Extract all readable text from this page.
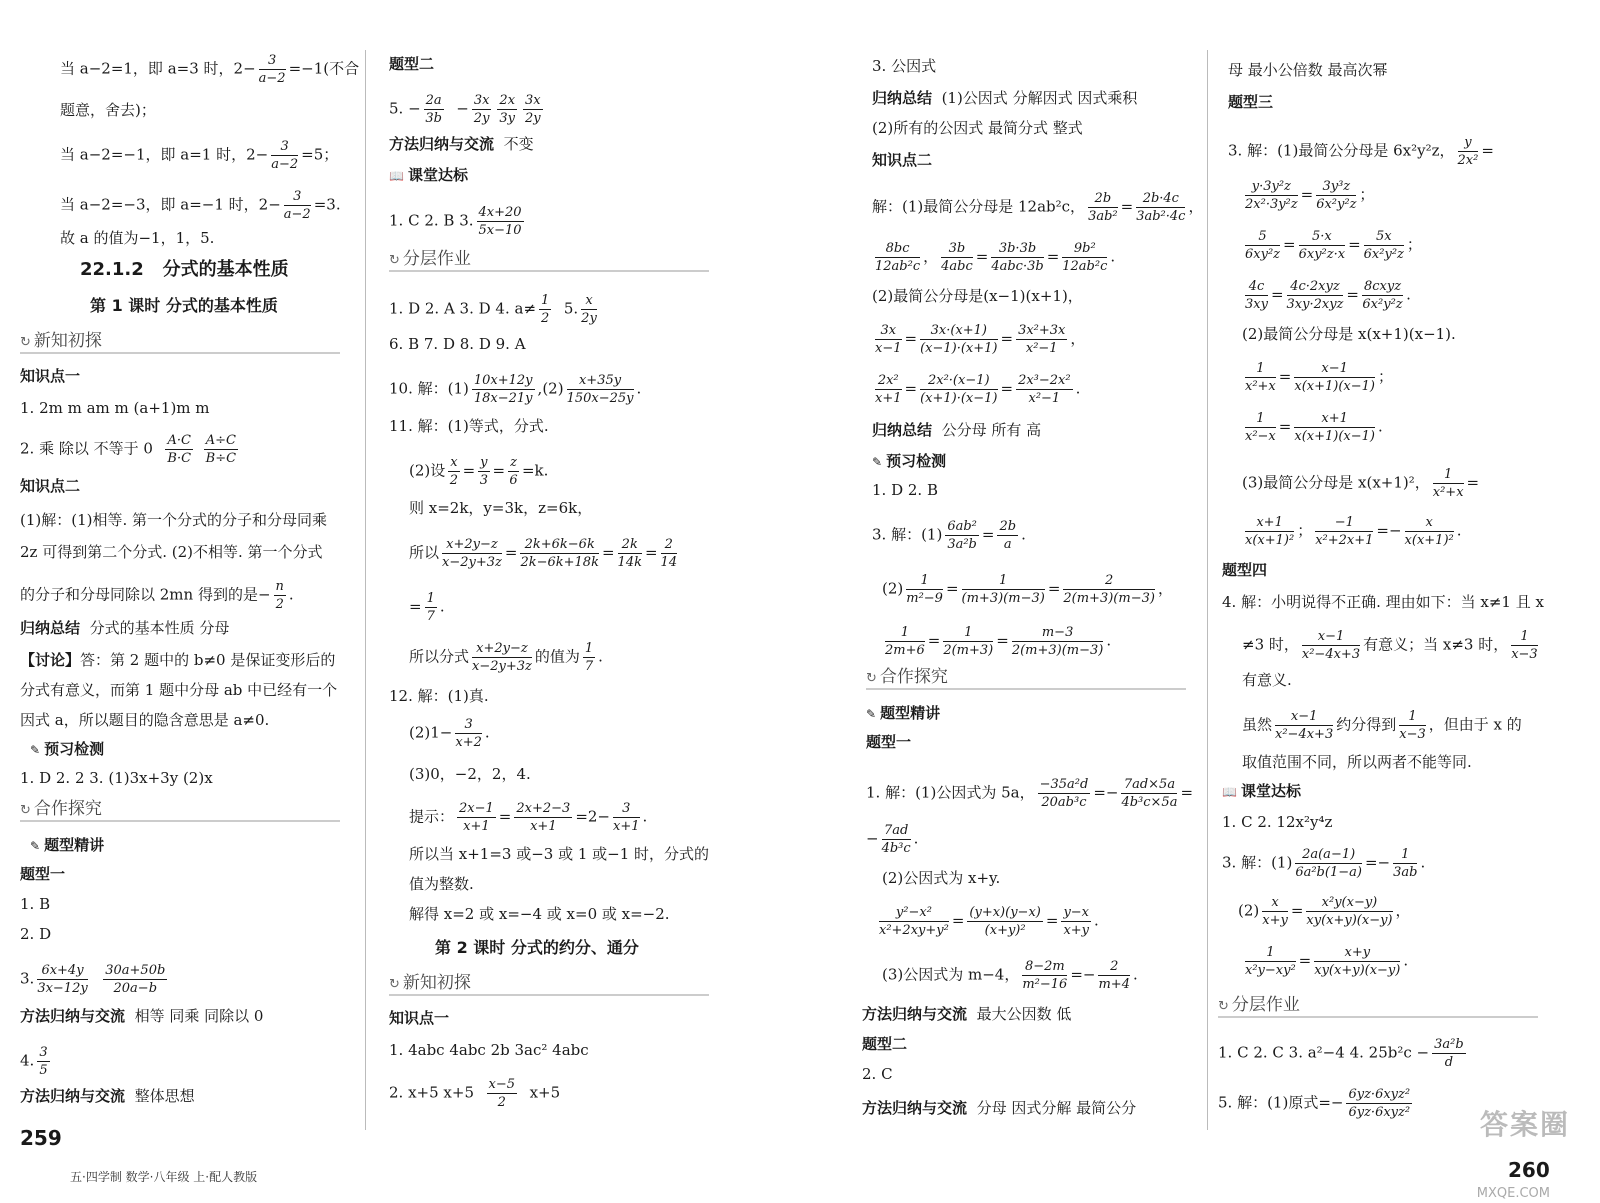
当 a−2=1，即 a=3 时，$2- \frac{3}{a-2} =-1$(不合
题意，舍去)；
当 a−2=−1，即 a=1 时，$2- \frac{3}{a-2} =5$；
当 a−2=−3，即 a=−1 时，$2- \frac{3}{a-2} =3$.
故 a 的值为−1，1，5.
22.1.2 分式的基本性质
第 1 课时 分式的基本性质
↻ 新知初探
知识点一
1. 2m m am m (a+1)m m
2. 乘 除以 不等于 $0 \frac{A\cdot C}{B\cdot C}$
$\frac{A\div C}{B\div C}$
知识点二
(1)解：(1)相等. 第一个分式的分子和分母同乘
2z 可得到第二个分式. (2)不相等. 第一个分式
的分子和分母同除以 2mn 得到的是− $\frac{n}{2}$ .
归纳总结 分式的基本性质 分母
【讨论】答：第 2 题中的 b≠0 是保证变形后的
分式有意义，而第 1 题中分母 ab 中已经有一个
因式 a，所以题目的隐含意思是 a≠0.
✎ 预习检测
1. D 2. 2 3. (1)3x+3y (2)x
↻ 合作探究
✎ 题型精讲
题型一
1. B
2. D
3. $\frac{6x+4y}{3x-12y}$
$\frac{30a+50b}{20a-b}$
方法归纳与交流 相等 同乘 同除以 0
4. $\frac{3}{5}$
方法归纳与交流 整体思想
题型二
5. − $\frac{2a}{3b} - \frac{3x}{2y} \frac{2x}{3y} \frac{3x}{2y}$
方法归纳与交流 不变
📖 课堂达标
1. C 2. B 3. $\frac{4x+20}{5x-10}$
↻ 分层作业
1. D 2. A 3. D 4. $a\ne \frac{1}{2} 5$. $\frac{x}{2y}$
6. B 7. D 8. D 9. A
10. 解：$(1) \frac{10x+12y}{18x-21y} ,(2) \frac{x+35y}{150x-25y}$ .
11. 解：(1)等式，分式.
(2)设 $\frac{x}{2} = \frac{y}{3} = \frac{z}{6} =k$.
则 x=2k，y=3k，z=6k，
所以 $\frac{x+2y-z}{x-2y+3z} = \frac{2k+6k-6k}{2k-6k+18k} = \frac{2k}{14k} = \frac{2}{14}$
= $\frac{1}{7}$ .
所以分式 $\frac{x+2y-z}{x-2y+3z}$ 的值为 $\frac{1}{7}$ .
12. 解：(1)真.
$(2)1- \frac{3}{x+2}$ .
(3)0，−2，2，4.
提示： $\frac{2x-1}{x+1} = \frac{2x+2-3}{x+1} =2- \frac{3}{x+1}$ .
所以当 x+1=3 或−3 或 1 或−1 时，分式的
值为整数.
解得 x=2 或 x=−4 或 x=0 或 x=−2.
第 2 课时 分式的约分、通分
↻ 新知初探
知识点一
1. 4abc 4abc 2b 3ac² 4abc
2. x+5 $x+5 \frac{x-5}{2} x+5$
259
五·四学制 数学·八年级 上·配人教版
3. 公因式
归纳总结 (1)公因式 分解因式 因式乘积
(2)所有的公因式 最简分式 整式
知识点二
解：(1)最简公分母是 12ab²c， $\frac{2b}{\text{3ab²}} = \frac{2b\cdot 4c}{\text{3ab²·4c}}$ ，
$\frac{8bc}{\text{12ab²c}}$ ， $\frac{3b}{\text{4abc}} = \frac{3b\cdot 3b}{\text{4abc·3b}} = \frac{\text{9b²}}{\text{12ab²c}}$ .
(2)最简公分母是(x−1)(x+1)，
$\frac{3x}{x-1} = \frac{3x\cdot(x+1)}{(x-1)\cdot(x+1)} = \frac{\text{3x²+3x}}{\text{x²−1}}$ ，
$\frac{\text{2x²}}{x+1} = \frac{\text{2x²·(x−1)}}{(x+1)\cdot(x-1)} = \frac{\text{2x³−2x²}}{\text{x²−1}}$ .
归纳总结 公分母 所有 高
✎ 预习检测
1. D 2. B
3. 解：$(1) \frac{\text{6ab²}}{\text{3a²b}} = \frac{2b}{a}$ .
$(2) \frac{1}{\text{m²−9}} = \frac{1}{(m+3)(m-3)} = \frac{2}{2(m+3)(m-3)}$ ，
$\frac{1}{2m+6} = \frac{1}{2(m+3)} = \frac{m-3}{2(m+3)(m-3)}$ .
↻ 合作探究
✎ 题型精讲
题型一
1. 解：(1)公因式为 5a， $\frac{\text{−35a²d}}{\text{20ab³c}} =- \frac{7ad\times 5a}{\text{4b³c×5a}}$ =
− $\frac{7ad}{\text{4b³c}}$ .
(2)公因式为 x+y.
$\frac{\text{y²−x²}}{\text{x²+2xy+y²}} = \frac{(y+x)(y-x)}{\text{(x+y)²}} = \frac{y-x}{x+y}$ .
(3)公因式为 m−4， $\frac{8-2m}{\text{m²−16}} =- \frac{2}{m+4}$ .
方法归纳与交流 最大公因数 低
题型二
2. C
方法归纳与交流 分母 因式分解 最简公分
母 最小公倍数 最高次幂
题型三
3. 解：(1)最简公分母是 6x²y²z， $\frac{y}{\text{2x²}}$ =
$\frac{\text{y·3y²z}}{\text{2x²·3y²z}} = \frac{\text{3y³z}}{\text{6x²y²z}}$ ；
$\frac{5}{\text{6xy²z}} = \frac{5\cdot x}{\text{6xy²z·x}} = \frac{5x}{\text{6x²y²z}}$ ；
$\frac{4c}{3xy} = \frac{\text{4c·2xyz}}{\text{3xy·2xyz}} = \frac{\text{8cxyz}}{\text{6x²y²z}}$ .
(2)最简公分母是 x(x+1)(x−1).
$\frac{1}{\text{x²+x}} = \frac{x-1}{x(x+1)(x-1)}$ ；
$\frac{1}{\text{x²−x}} = \frac{x+1}{x(x+1)(x-1)}$ .
(3)最简公分母是 x(x+1)²， $\frac{1}{\text{x²+x}}$ =
$\frac{x+1}{\text{x(x+1)²}}$ ； $\frac{-1}{\text{x²+2x+1}} =- \frac{x}{\text{x(x+1)²}}$ .
题型四
4. 解：小明说得不正确. 理由如下：当 x≠1 且 x
≠3 时， $\frac{x-1}{\text{x²−4x+3}}$ 有意义；当 x≠3 时， $\frac{1}{x-3}$
有意义.
虽然 $\frac{x-1}{\text{x²−4x+3}}$ 约分得到 $\frac{1}{x-3}$ ，但由于 x 的
取值范围不同，所以两者不能等同.
📖 课堂达标
1. C 2. 12x²y⁴z
3. 解：$(1) \frac{2a(a-1)}{\text{6a²b(1−a)}} =- \frac{1}{3ab}$ .
$(2) \frac{x}{x+y} = \frac{\text{x²y(x−y)}}{xy(x+y)(x-y)}$ ，
$\frac{1}{\text{x²y−xy²}} = \frac{x+y}{xy(x+y)(x-y)}$ .
↻ 分层作业
1. C 2. C 3. a²−4 4. $25b^2c - \frac{\text{3a²b}}{d}$
5. 解：(1)原式=− $\frac{\text{6yz·6xyz²}}{\text{6yz·6xyz²}}$
260
答案圈
MXQE.COM
